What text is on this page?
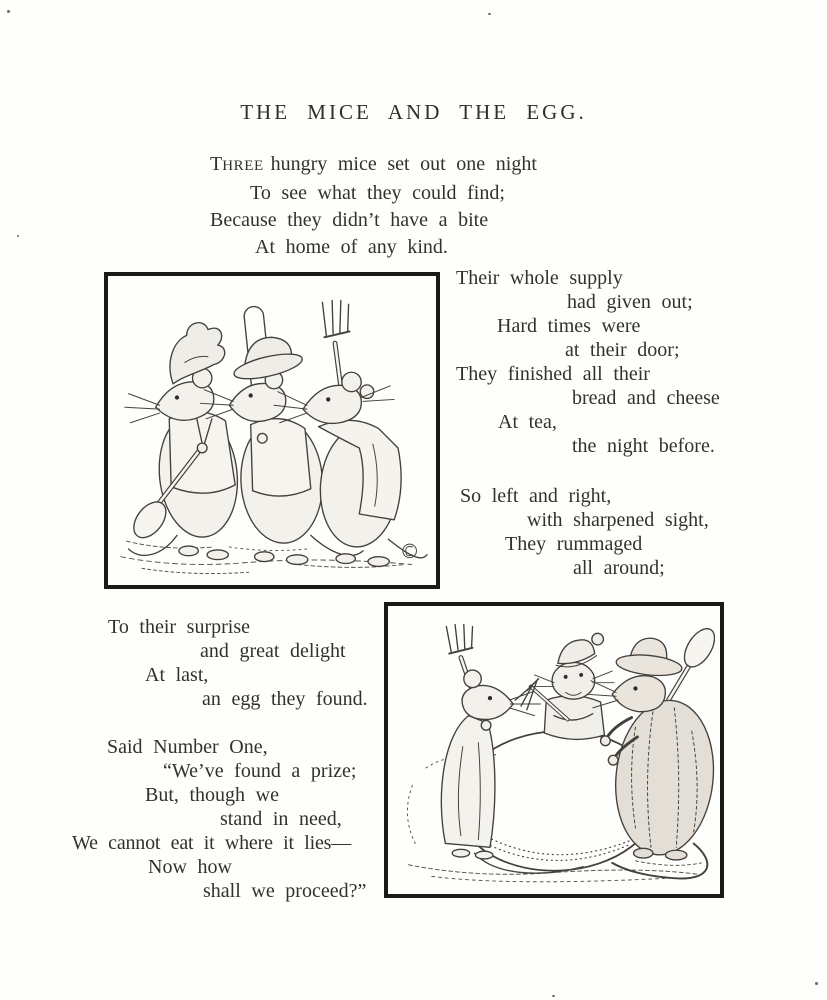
THE MICE AND THE EGG.
THREE hungry mice set out one night
To see what they could find;
Because they didn’t have a bite
At home of any kind.
Their whole supply
had given out;
Hard times were
at their door;
They finished all their
bread and cheese
At tea,
the night before.
So left and right,
with sharpened sight,
They rummaged
all around;
To their surprise
and great delight
At last,
an egg they found.
Said Number One,
“We’ve found a prize;
But, though we
stand in need,
We cannot eat it where it lies—
Now how
shall we proceed?”
